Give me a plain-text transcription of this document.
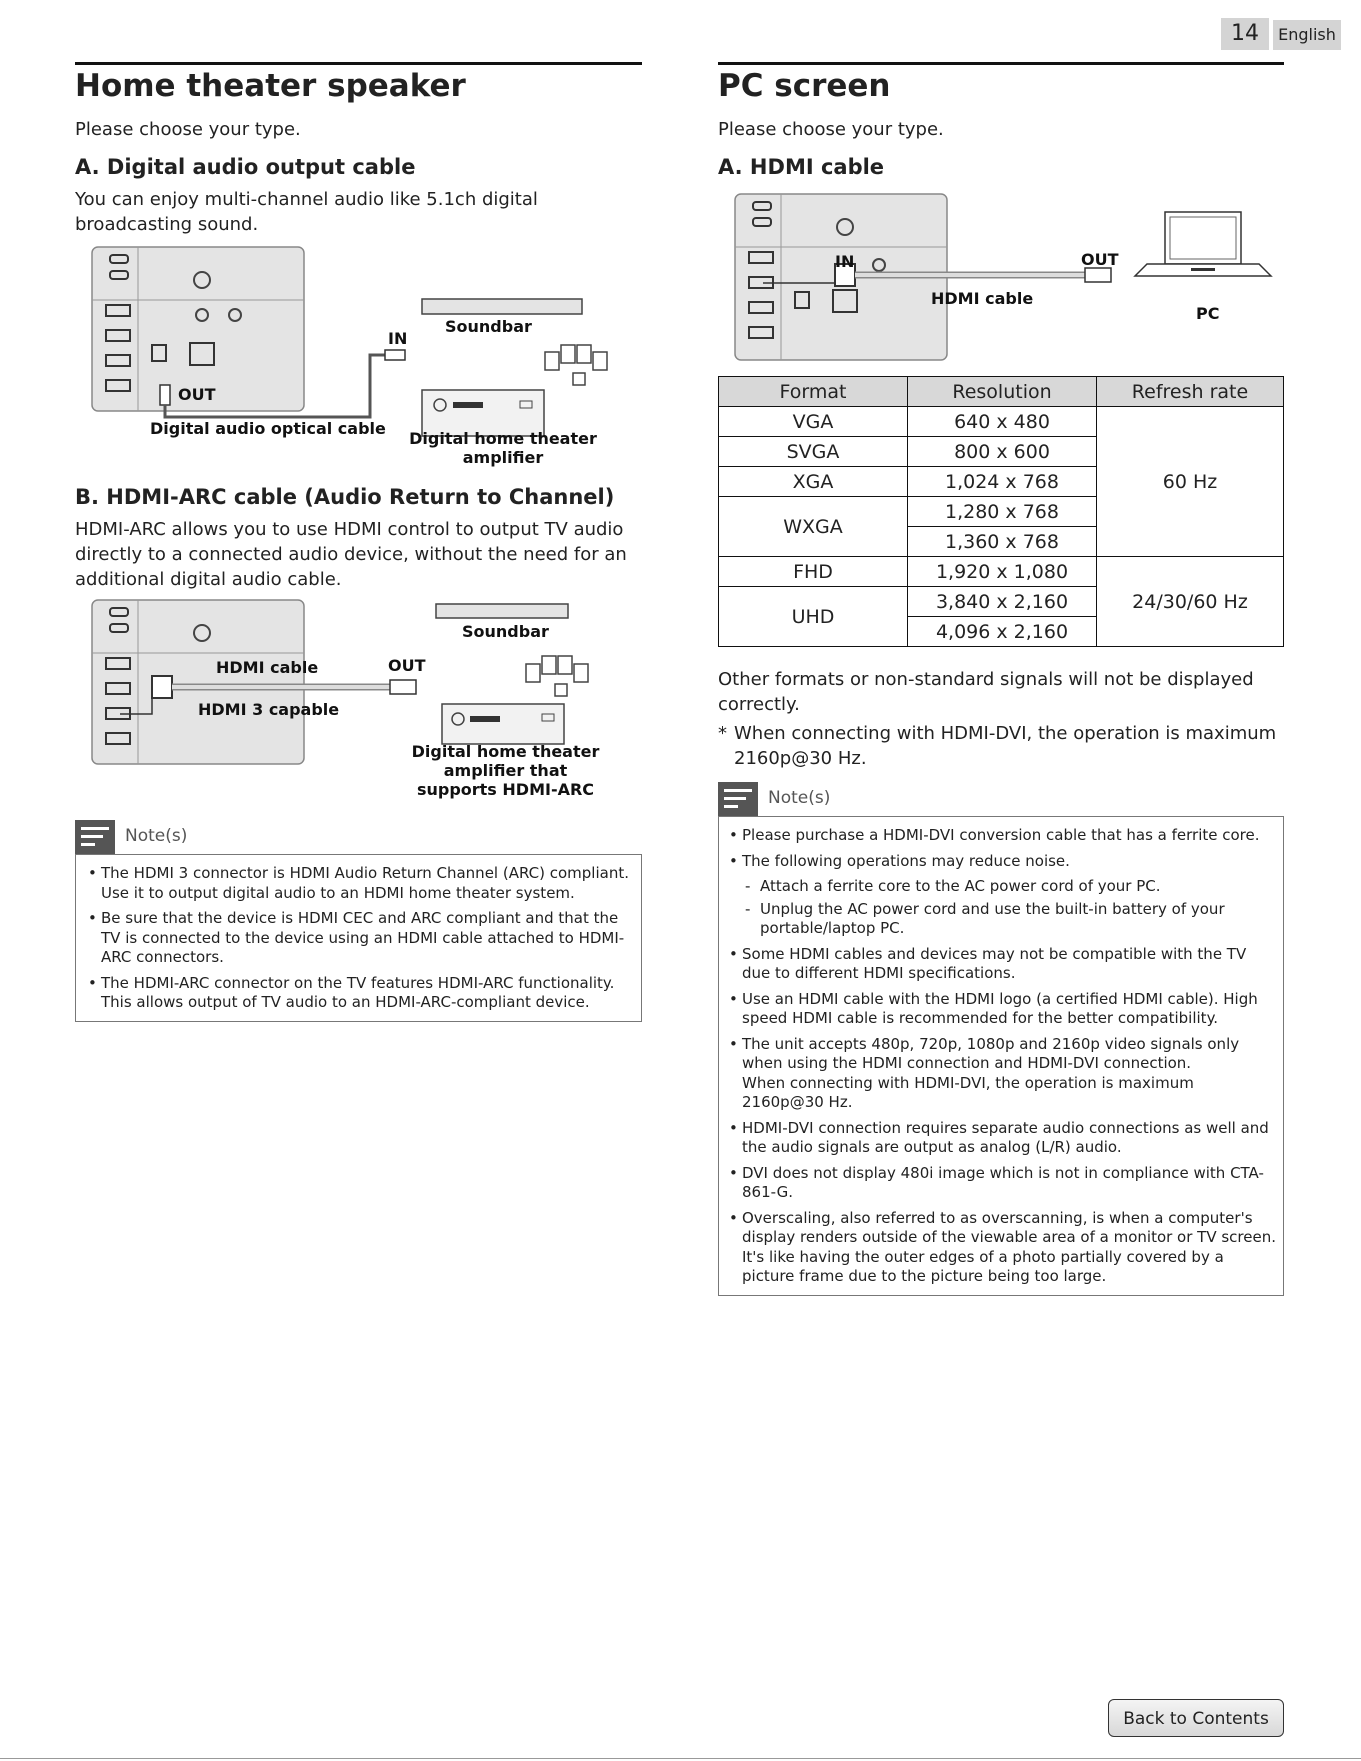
14	English
Home theater speaker
Please choose your type.
A. Digital audio output cable
You can enjoy multi-channel audio like 5.1ch digital broadcasting sound.
IN
Soundbar
OUT
Digital audio optical cable
Digital home theater amplifier
B. HDMI-ARC cable (Audio Return to Channel)
HDMI-ARC allows you to use HDMI control to output TV audio directly to a connected audio device, without the need for an additional digital audio cable.
Soundbar
HDMI cable	OUT
HDMI 3 capable
Digital home theater amplifier that supports HDMI-ARC
Note(s)
• The HDMI 3 connector is HDMI Audio Return Channel (ARC) compliant. Use it to output digital audio to an HDMI home theater system.
• Be sure that the device is HDMI CEC and ARC compliant and that the TV is connected to the device using an HDMI cable attached to HDMI-ARC connectors.
• The HDMI-ARC connector on the TV features HDMI-ARC functionality. This allows output of TV audio to an HDMI-ARC-compliant device.
PC screen
Please choose your type.
A. HDMI cable
IN	OUT
HDMI cable
PC
Format	Resolution	Refresh rate
VGA	640 x 480	60 Hz
SVGA	800 x 600	
XGA	1,024 x 768	
WXGA	1,280 x 768	
	1,360 x 768	
FHD	1,920 x 1,080	24/30/60 Hz
UHD	3,840 x 2,160	
	4,096 x 2,160	
Other formats or non-standard signals will not be displayed correctly.
* When connecting with HDMI-DVI, the operation is maximum 2160p@30 Hz.
Note(s)
• Please purchase a HDMI-DVI conversion cable that has a ferrite core.
• The following operations may reduce noise.
- Attach a ferrite core to the AC power cord of your PC.
- Unplug the AC power cord and use the built-in battery of your portable/laptop PC.
• Some HDMI cables and devices may not be compatible with the TV due to different HDMI specifications.
• Use an HDMI cable with the HDMI logo (a certified HDMI cable). High speed HDMI cable is recommended for the better compatibility.
• The unit accepts 480p, 720p, 1080p and 2160p video signals only when using the HDMI connection and HDMI-DVI connection.
When connecting with HDMI-DVI, the operation is maximum 2160p@30 Hz.
• HDMI-DVI connection requires separate audio connections as well and the audio signals are output as analog (L/R) audio.
• DVI does not display 480i image which is not in compliance with CTA-861-G.
• Overscaling, also referred to as overscanning, is when a computer's display renders outside of the viewable area of a monitor or TV screen. It's like having the outer edges of a photo partially covered by a picture frame due to the picture being too large.
Back to Contents
